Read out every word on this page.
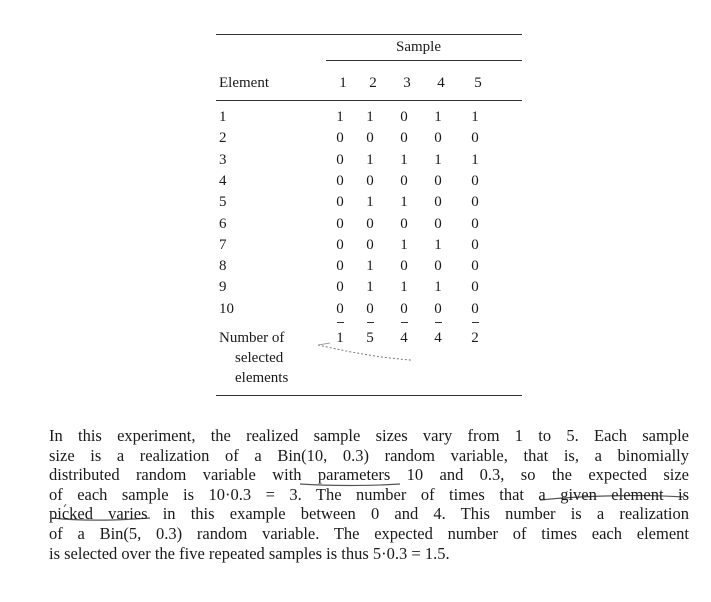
Sample
Element	1	2	3	4	5
1	1	1	0	1	1
2	0	0	0	0	0
3	0	1	1	1	1
4	0	0	0	0	0
5	0	1	1	0	0
6	0	0	0	0	0
7	0	0	1	1	0
8	0	1	0	0	0
9	0	1	1	1	0
10	0	0	0	0	0
Number of
selected
elements
1	5	4	4	2

In this experiment, the realized sample sizes vary from 1 to 5. Each sample
size is a realization of a Bin(10, 0.3) random variable, that is, a binomially
distributed random variable with parameters 10 and 0.3, so the expected size
of each sample is 10·0.3 = 3. The number of times that a given element is
picked varies in this example between 0 and 4. This number is a realization
of a Bin(5, 0.3) random variable. The expected number of times each element
is selected over the five repeated samples is thus 5·0.3 = 1.5.
